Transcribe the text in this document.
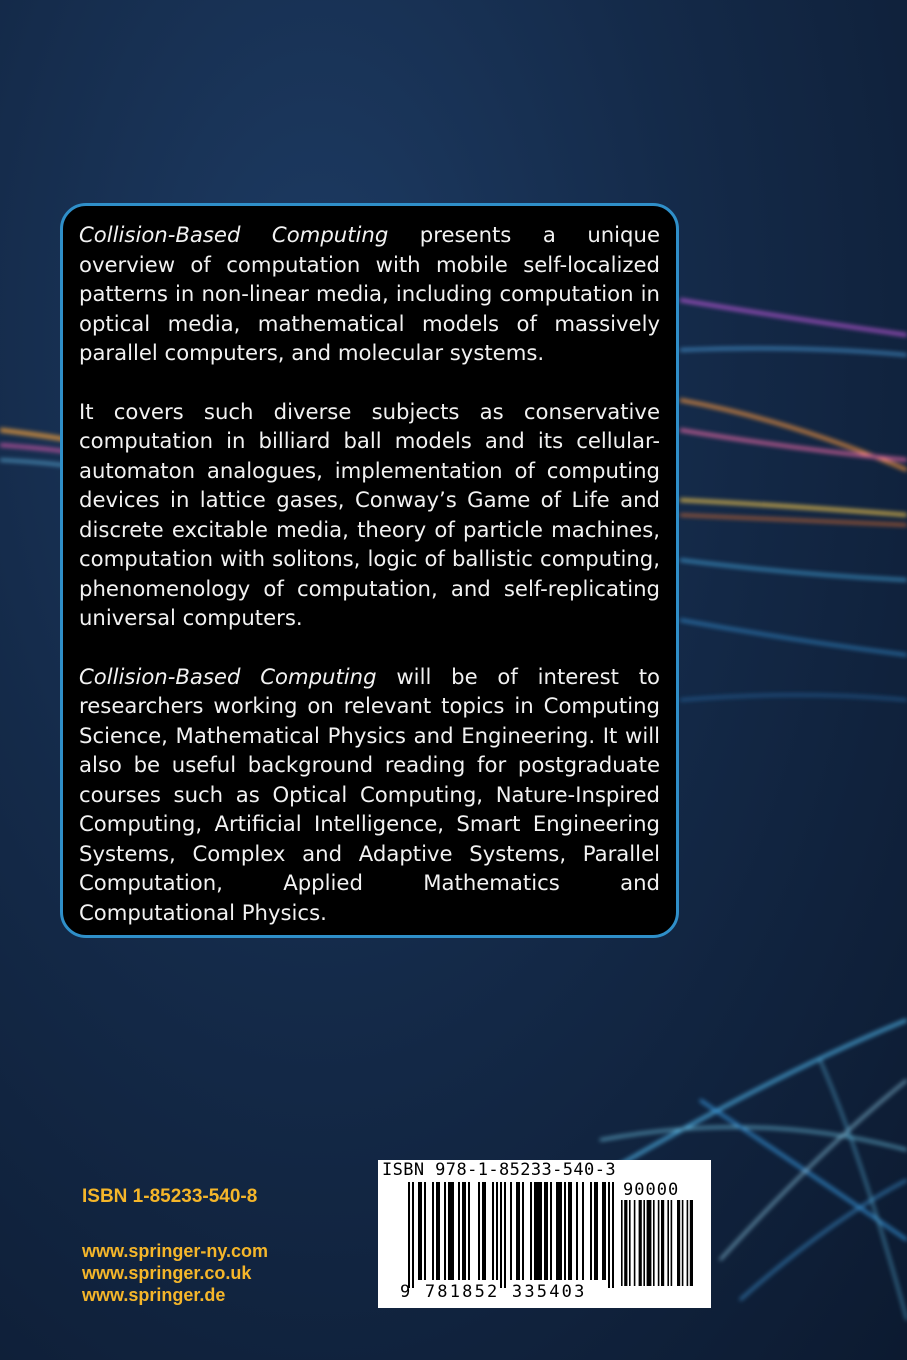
Collision-Based Computing presents a unique overview of computation with mobile self-localized patterns in non-linear media, including computation in optical media, mathematical models of massively parallel computers, and molecular systems.

It covers such diverse subjects as conservative computation in billiard ball models and its cellular-automaton analogues, implementation of computing devices in lattice gases, Conway’s Game of Life and discrete excitable media, theory of particle machines, computation with solitons, logic of ballistic computing, phenomenology of computation, and self-replicating universal computers.

Collision-Based Computing will be of interest to researchers working on relevant topics in Computing Science, Mathematical Physics and Engineering. It will also be useful background reading for postgraduate courses such as Optical Computing, Nature-Inspired Computing, Artificial Intelligence, Smart Engineering Systems, Complex and Adaptive Systems, Parallel Computation, Applied Mathematics and Computational Physics.

ISBN 1-85233-540-8
www.springer-ny.com
www.springer.co.uk
www.springer.de
ISBN 978-1-85233-540-3
90000
9 781852 335403
